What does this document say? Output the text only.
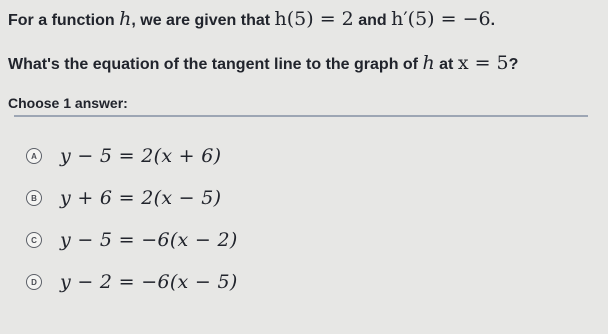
For a function h, we are given that h(5) = 2 and h′(5) = −6.

What's the equation of the tangent line to the graph of h at x = 5?

Choose 1 answer:
A y − 5 = 2(x + 6)
B y + 6 = 2(x − 5)
C y − 5 = −6(x − 2)
D y − 2 = −6(x − 5)
